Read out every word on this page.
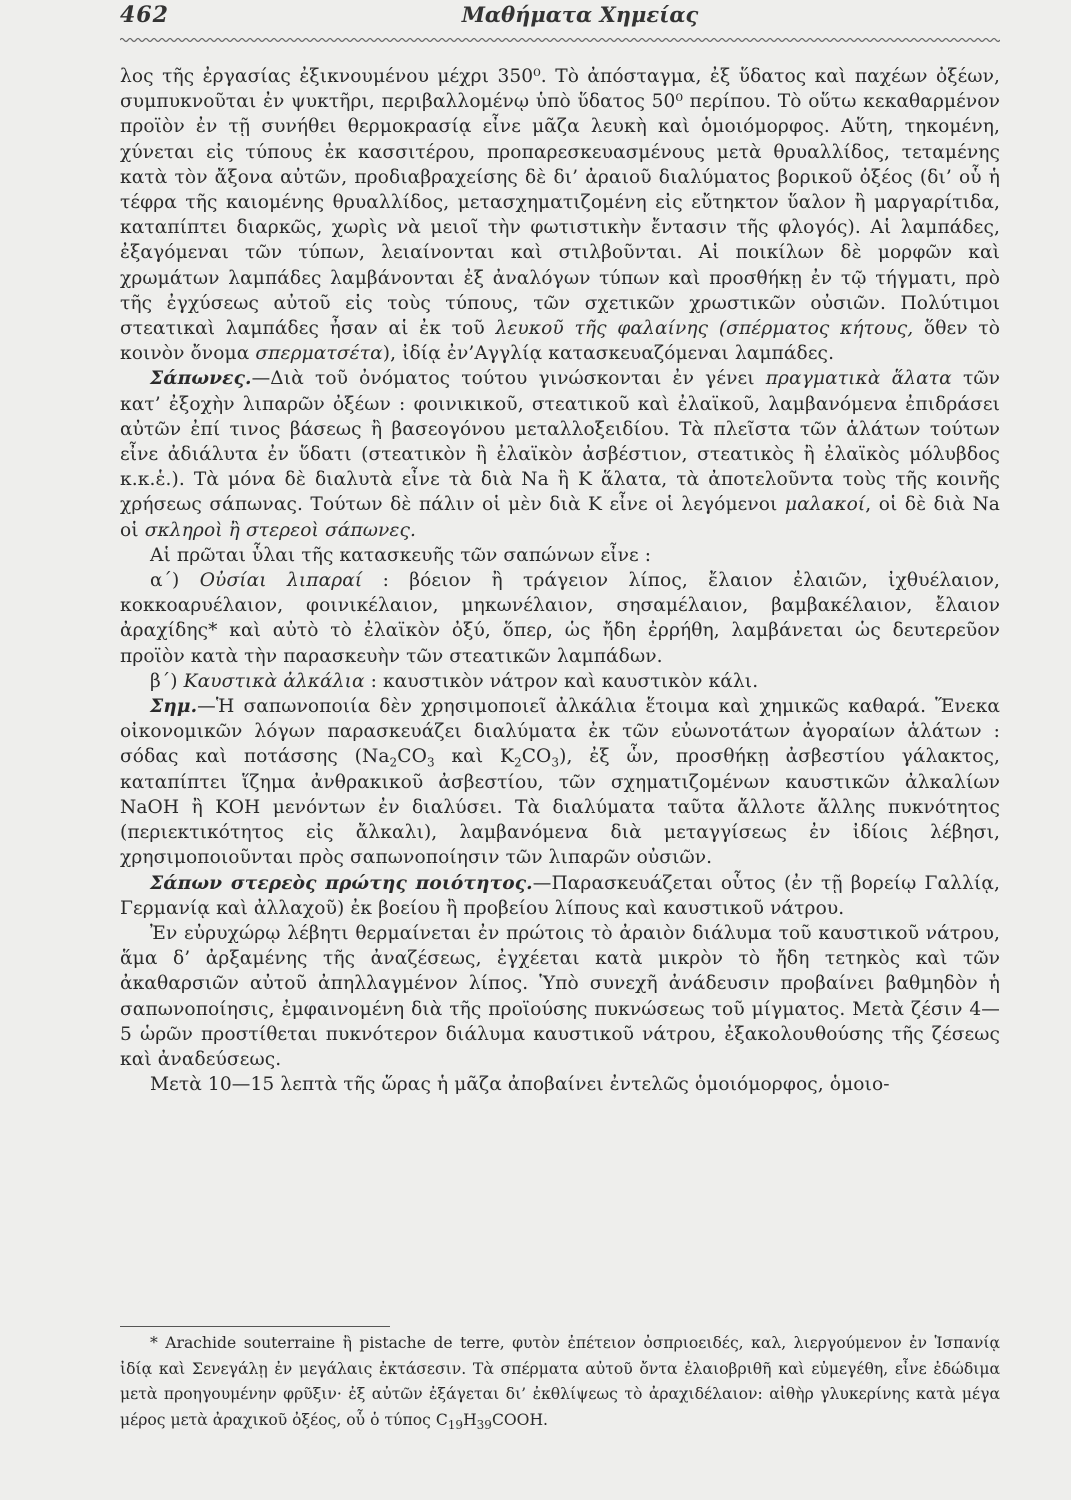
462	Μαθήματα Χημείας

λος τῆς ἐργασίας ἐξικνουμένου μέχρι 350⁰. Τὸ ἀπόσταγμα, ἐξ ὕδατος καὶ παχέων ὀξέων, συμπυκνοῦται ἐν ψυκτῆρι, περιβαλλομένῳ ὑπὸ ὕδατος 50⁰ περίπου. Τὸ οὕτω κεκαθαρμένον προϊὸν ἐν τῇ συνήθει θερμοκρασίᾳ εἶνε μᾶζα λευκὴ καὶ ὁμοιόμορφος. Αὕτη, τηκομένη, χύνεται εἰς τύπους ἐκ κασσιτέρου, προπαρεσκευασμένους μετὰ θρυαλλίδος, τεταμένης κατὰ τὸν ἄξονα αὐτῶν, προδιαβραχείσης δὲ δι’ ἀραιοῦ διαλύματος βορικοῦ ὀξέος (δι’ οὗ ἡ τέφρα τῆς καιομένης θρυαλλίδος, μετασχηματιζομένη εἰς εὔτηκτον ὕαλον ἢ μαργαρίτιδα, καταπίπτει διαρκῶς, χωρὶς νὰ μειοῖ τὴν φωτιστικὴν ἔντασιν τῆς φλογός). Αἱ λαμπάδες, ἐξαγόμεναι τῶν τύπων, λειαίνονται καὶ στιλβοῦνται. Αἱ ποικίλων δὲ μορφῶν καὶ χρωμάτων λαμπάδες λαμβάνονται ἐξ ἀναλόγων τύπων καὶ προσθήκῃ ἐν τῷ τήγματι, πρὸ τῆς ἐγχύσεως αὐτοῦ εἰς τοὺς τύπους, τῶν σχετικῶν χρωστικῶν οὐσιῶν. Πολύτιμοι στεατικαὶ λαμπάδες ἦσαν αἱ ἐκ τοῦ λευκοῦ τῆς φαλαίνης (σπέρματος κήτους, ὅθεν τὸ κοινὸν ὄνομα σπερματσέτα), ἰδίᾳ ἐν’Αγγλίᾳ κατασκευαζόμεναι λαμπάδες.

Σάπωνες.—Διὰ τοῦ ὀνόματος τούτου γινώσκονται ἐν γένει πραγματικὰ ἅλατα τῶν κατ’ ἐξοχὴν λιπαρῶν ὀξέων : φοινικικοῦ, στεατικοῦ καὶ ἐλαϊκοῦ, λαμβανόμενα ἐπιδράσει αὐτῶν ἐπί τινος βάσεως ἢ βασεογόνου μεταλλοξειδίου. Τὰ πλεῖστα τῶν ἁλάτων τούτων εἶνε ἀδιάλυτα ἐν ὕδατι (στεατικὸν ἢ ἐλαϊκὸν ἀσβέστιον, στεατικὸς ἢ ἐλαϊκὸς μόλυβδος κ.κ.ἑ.). Τὰ μόνα δὲ διαλυτὰ εἶνε τὰ διὰ Na ἢ K ἅλατα, τὰ ἀποτελοῦντα τοὺς τῆς κοινῆς χρήσεως σάπωνας. Τούτων δὲ πάλιν οἱ μὲν διὰ K εἶνε οἱ λεγόμενοι μαλακοί, οἱ δὲ διὰ Na οἱ σκληροὶ ἢ στερεοὶ σάπωνες.

Αἱ πρῶται ὗλαι τῆς κατασκευῆς τῶν σαπώνων εἶνε :

α΄) Οὐσίαι λιπαραί : βόειον ἢ τράγειον λίπος, ἔλαιον ἐλαιῶν, ἰχθυέλαιον, κοκκοαρυέλαιον, φοινικέλαιον, μηκωνέλαιον, σησαμέλαιον, βαμβακέλαιον, ἔλαιον ἀραχίδης* καὶ αὐτὸ τὸ ἐλαϊκὸν ὀξύ, ὅπερ, ὡς ἤδη ἐρρήθη, λαμβάνεται ὡς δευτερεῦον προϊὸν κατὰ τὴν παρασκευὴν τῶν στεατικῶν λαμπάδων.

β΄) Καυστικὰ ἀλκάλια : καυστικὸν νάτρον καὶ καυστικὸν κάλι.

Σημ.—Ἡ σαπωνοποιία δὲν χρησιμοποιεῖ ἀλκάλια ἕτοιμα καὶ χημικῶς καθαρά. Ἕνεκα οἰκονομικῶν λόγων παρασκευάζει διαλύματα ἐκ τῶν εὐωνοτάτων ἀγοραίων ἁλάτων : σόδας καὶ ποτάσσης ($Na_2CO_3$ καὶ $K_2CO_3$), ἐξ ὧν, προσθήκῃ ἀσβεστίου γάλακτος, καταπίπτει ἵζημα ἀνθρακικοῦ ἀσβεστίου, τῶν σχηματιζομένων καυστικῶν ἀλκαλίων NaOH ἢ KOH μενόντων ἐν διαλύσει. Τὰ διαλύματα ταῦτα ἄλλοτε ἄλλης πυκνότητος (περιεκτικότητος εἰς ἄλκαλι), λαμβανόμενα διὰ μεταγγίσεως ἐν ἰδίοις λέβησι, χρησιμοποιοῦνται πρὸς σαπωνοποίησιν τῶν λιπαρῶν οὐσιῶν.

Σάπων στερεὸς πρώτης ποιότητος.—Παρασκευάζεται οὗτος (ἐν τῇ βορείῳ Γαλλίᾳ, Γερμανίᾳ καὶ ἀλλαχοῦ) ἐκ βοείου ἢ προβείου λίπους καὶ καυστικοῦ νάτρου.

Ἐν εὐρυχώρῳ λέβητι θερμαίνεται ἐν πρώτοις τὸ ἀραιὸν διάλυμα τοῦ καυστικοῦ νάτρου, ἅμα δ’ ἀρξαμένης τῆς ἀναζέσεως, ἐγχέεται κατὰ μικρὸν τὸ ἤδη τετηκὸς καὶ τῶν ἀκαθαρσιῶν αὐτοῦ ἀπηλλαγμένον λίπος. Ὑπὸ συνεχῆ ἀνάδευσιν προβαίνει βαθμηδὸν ἡ σαπωνοποίησις, ἐμφαινομένη διὰ τῆς προϊούσης πυκνώσεως τοῦ μίγματος. Μετὰ ζέσιν 4—5 ὡρῶν προστίθεται πυκνότερον διάλυμα καυστικοῦ νάτρου, ἐξακολουθούσης τῆς ζέσεως καὶ ἀναδεύσεως.

Μετὰ 10—15 λεπτὰ τῆς ὥρας ἡ μᾶζα ἀποβαίνει ἐντελῶς ὁμοιόμορφος, ὁμοιο-

* Arachide souterraine ἢ pistache de terre, φυτὸν ἐπέτειον ὀσπριοειδές, καλ, λιεργούμενον ἐν Ἱσπανίᾳ ἰδίᾳ καὶ Σενεγάλῃ ἐν μεγάλαις ἐκτάσεσιν. Τὰ σπέρματα αὐτοῦ ὄντα ἐλαιοβριθῆ καὶ εὐμεγέθη, εἶνε ἐδώδιμα μετὰ προηγουμένην φρῦξιν· ἐξ αὐτῶν ἐξάγεται δι’ ἐκθλίψεως τὸ ἀραχιδέλαιον: αἰθὴρ γλυκερίνης κατὰ μέγα μέρος μετὰ ἀραχικοῦ ὀξέος, οὗ ὁ τύπος $C_{19}H_{39}COOH$.
